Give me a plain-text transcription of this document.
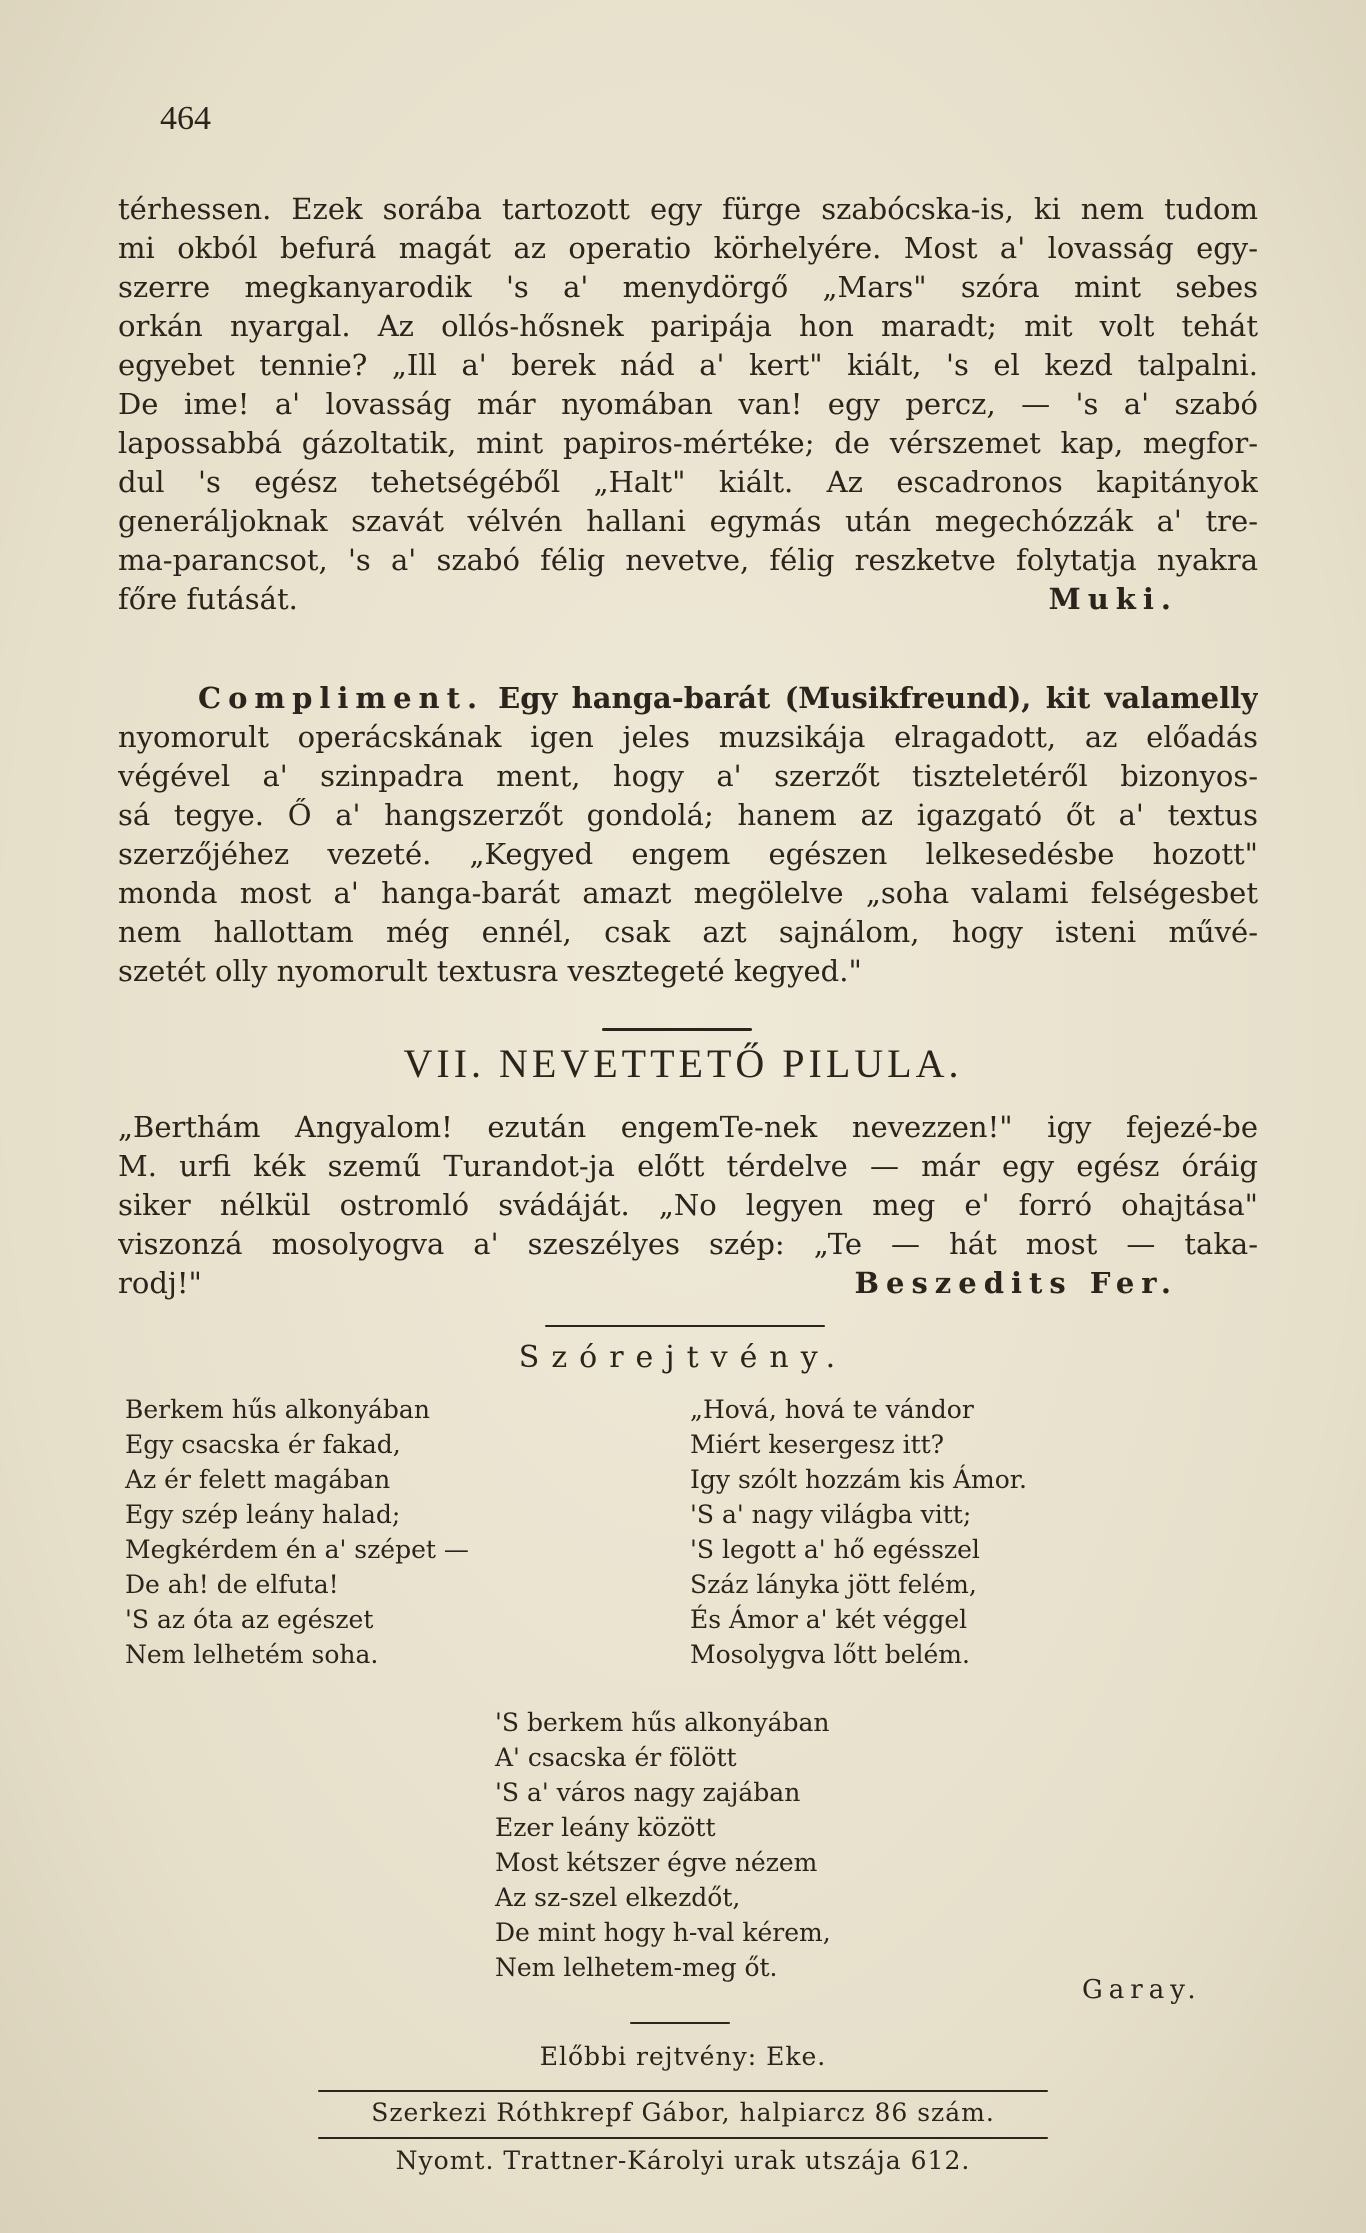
464
térhessen. Ezek sorába tartozott egy fürge szabócska-is, ki nem tudom
mi okból befurá magát az operatio körhelyére. Most a' lovasság egy-
szerre megkanyarodik 's a' menydörgő „Mars" szóra mint sebes
orkán nyargal. Az ollós-hősnek paripája hon maradt; mit volt tehát
egyebet tennie? „Ill a' berek nád a' kert" kiált, 's el kezd talpalni.
De ime! a' lovasság már nyomában van! egy percz, — 's a' szabó
lapossabbá gázoltatik, mint papiros-mértéke; de vérszemet kap, megfor-
dul 's egész tehetségéből „Halt" kiált. Az escadronos kapitányok
generáljoknak szavát vélvén hallani egymás után megechózzák a' tre-
ma-parancsot, 's a' szabó félig nevetve, félig reszketve folytatja nyakra
főre futását.	Muki.
Compliment. Egy hanga-barát (Musikfreund), kit valamelly
nyomorult operácskának igen jeles muzsikája elragadott, az előadás
végével a' szinpadra ment, hogy a' szerzőt tiszteletéről bizonyos-
sá tegye. Ő a' hangszerzőt gondolá; hanem az igazgató őt a' textus
szerzőjéhez vezeté. „Kegyed engem egészen lelkesedésbe hozott"
monda most a' hanga-barát amazt megölelve „soha valami felségesbet
nem hallottam még ennél, csak azt sajnálom, hogy isteni művé-
szetét olly nyomorult textusra vesztegeté kegyed."
VII. NEVETTETŐ PILULA.
„Berthám Angyalom! ezután engemTe-nek nevezzen!" igy fejezé-be
M. urfi kék szemű Turandot-ja előtt térdelve — már egy egész óráig
siker nélkül ostromló svádáját. „No legyen meg e' forró ohajtása"
viszonzá mosolyogva a' szeszélyes szép: „Te — hát most — taka-
rodj!"	Beszedits Fer.
Szórejtvény.
Berkem hűs alkonyában
Egy csacska ér fakad,
Az ér felett magában
Egy szép leány halad;
Megkérdem én a' szépet —
De ah! de elfuta!
'S az óta az egészet
Nem lelhetém soha.
„Hová, hová te vándor
Miért kesergesz itt?
Igy szólt hozzám kis Ámor.
'S a' nagy világba vitt;
'S legott a' hő egésszel
Száz lányka jött felém,
És Ámor a' két véggel
Mosolygva lőtt belém.
'S berkem hűs alkonyában
A' csacska ér fölött
'S a' város nagy zajában
Ezer leány között
Most kétszer égve nézem
Az sz-szel elkezdőt,
De mint hogy h-val kérem,
Nem lelhetem-meg őt.
Garay.
Előbbi rejtvény: Eke.
Szerkezi Róthkrepf Gábor, halpiarcz 86 szám.
Nyomt. Trattner-Károlyi urak utszája 612.
